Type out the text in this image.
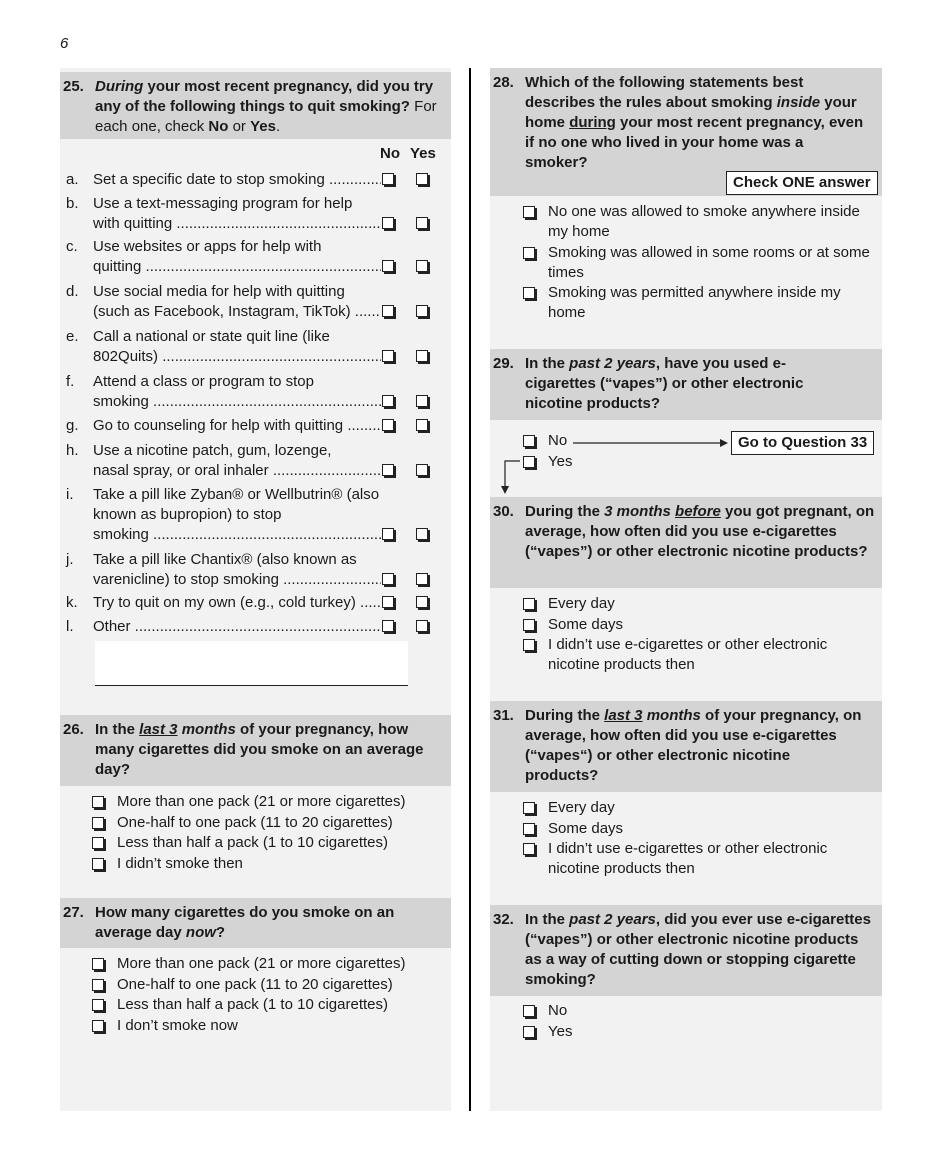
6
25. During your most recent pregnancy, did you try any of the following things to quit smoking? For each one, check No or Yes.
No Yes
26. In the last 3 months of your pregnancy, how many cigarettes did you smoke on an average day?
27. How many cigarettes do you smoke on an average day now?
28. Which of the following statements best describes the rules about smoking inside your home during your most recent pregnancy, even if no one who lived in your home was a smoker?
Check ONE answer
29. In the past 2 years, have you used e-cigarettes (“vapes”) or other electronic nicotine products?
Go to Question 33
30. During the 3 months before you got pregnant, on average, how often did you use e-cigarettes (“vapes”) or other electronic nicotine products?
31. During the last 3 months of your pregnancy, on average, how often did you use e-cigarettes (“vapes“) or other electronic nicotine products?
32. In the past 2 years, did you ever use e-cigarettes (“vapes”) or other electronic nicotine products as a way of cutting down or stopping cigarette smoking?
More than one pack (21 or more cigarettes)
One-half to one pack (11 to 20 cigarettes)
Less than half a pack (1 to 10 cigarettes)
I didn’t smoke then
More than one pack (21 or more cigarettes)
One-half to one pack (11 to 20 cigarettes)
Less than half a pack (1 to 10 cigarettes)
I don’t smoke now
No one was allowed to smoke anywhere inside my home
Smoking was allowed in some rooms or at some times
Smoking was permitted anywhere inside my home
No
Yes
Every day
Some days
I didn’t use e-cigarettes or other electronic nicotine products then
Every day
Some days
I didn’t use e-cigarettes or other electronic nicotine products then
No
Yes
a. Set a specific date to stop smoking .....
b. Use a text-messaging program for help
with quitting .....
c. Use websites or apps for help with
quitting .....
d. Use social media for help with quitting
(such as Facebook, Instagram, TikTok) .....
e. Call a national or state quit line (like
802Quits) .....
f. Attend a class or program to stop
smoking .....
g. Go to counseling for help with quitting .....
h. Use a nicotine patch, gum, lozenge,
nasal spray, or oral inhaler .....
i. Take a pill like Zyban® or Wellbutrin® (also known as bupropion) to stop
smoking .....
j. Take a pill like Chantix® (also known as
varenicline) to stop smoking .....
k. Try to quit on my own (e.g., cold turkey) .....
l. Other .....
